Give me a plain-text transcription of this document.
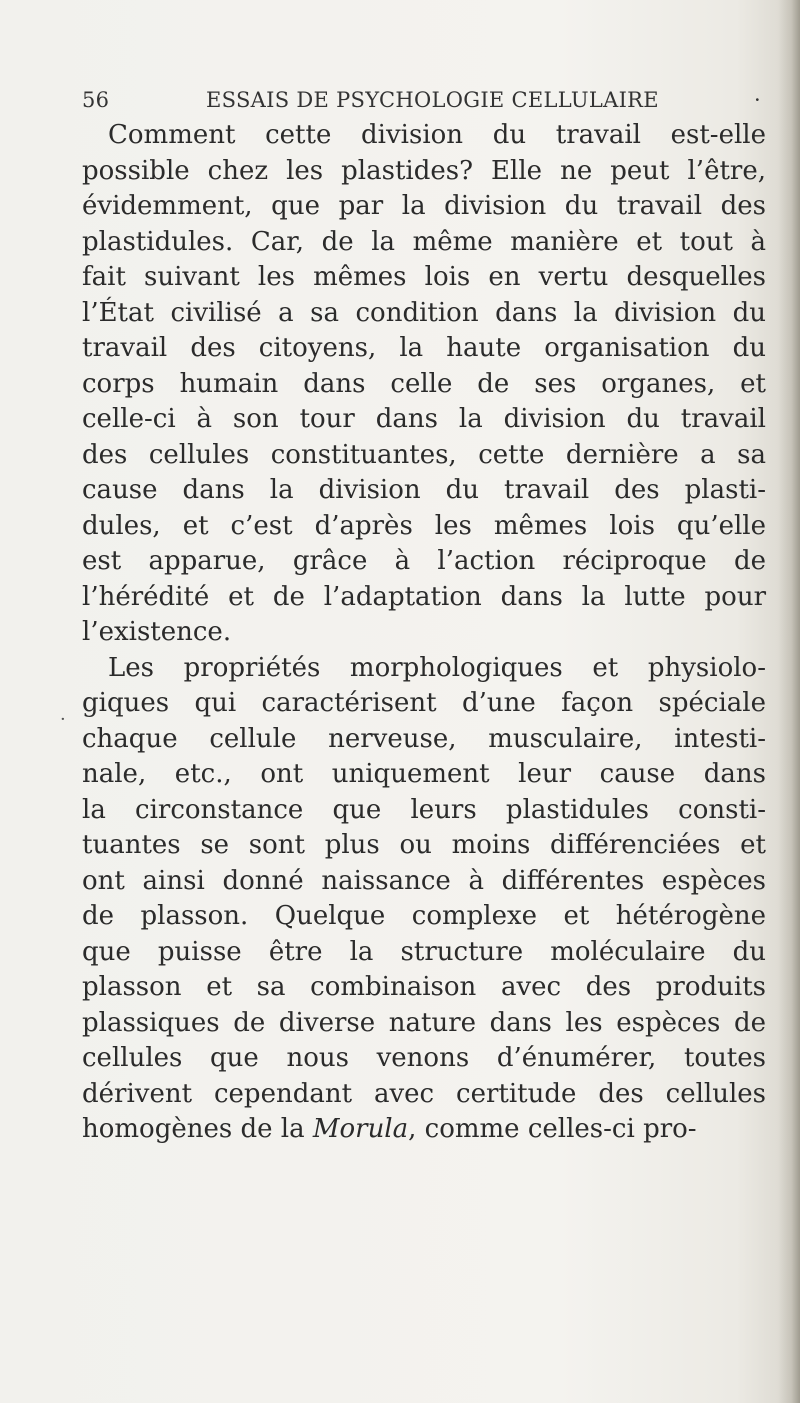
56	ESSAIS DE PSYCHOLOGIE CELLULAIRE	·
·
Comment cette division du travail est-elle
possible chez les plastides? Elle ne peut l’être,
évidemment, que par la division du travail des
plastidules. Car, de la même manière et tout à
fait suivant les mêmes lois en vertu desquelles
l’État civilisé a sa condition dans la division du
travail des citoyens, la haute organisation du
corps humain dans celle de ses organes, et
celle-ci à son tour dans la division du travail
des cellules constituantes, cette dernière a sa
cause dans la division du travail des plasti-
dules, et c’est d’après les mêmes lois qu’elle
est apparue, grâce à l’action réciproque de
l’hérédité et de l’adaptation dans la lutte pour
l’existence.
Les propriétés morphologiques et physiolo-
giques qui caractérisent d’une façon spéciale
chaque cellule nerveuse, musculaire, intesti-
nale, etc., ont uniquement leur cause dans
la circonstance que leurs plastidules consti-
tuantes se sont plus ou moins différenciées et
ont ainsi donné naissance à différentes espèces
de plasson. Quelque complexe et hétérogène
que puisse être la structure moléculaire du
plasson et sa combinaison avec des produits
plassiques de diverse nature dans les espèces de
cellules que nous venons d’énumérer, toutes
dérivent cependant avec certitude des cellules
homogènes de la Morula, comme celles-ci pro-
